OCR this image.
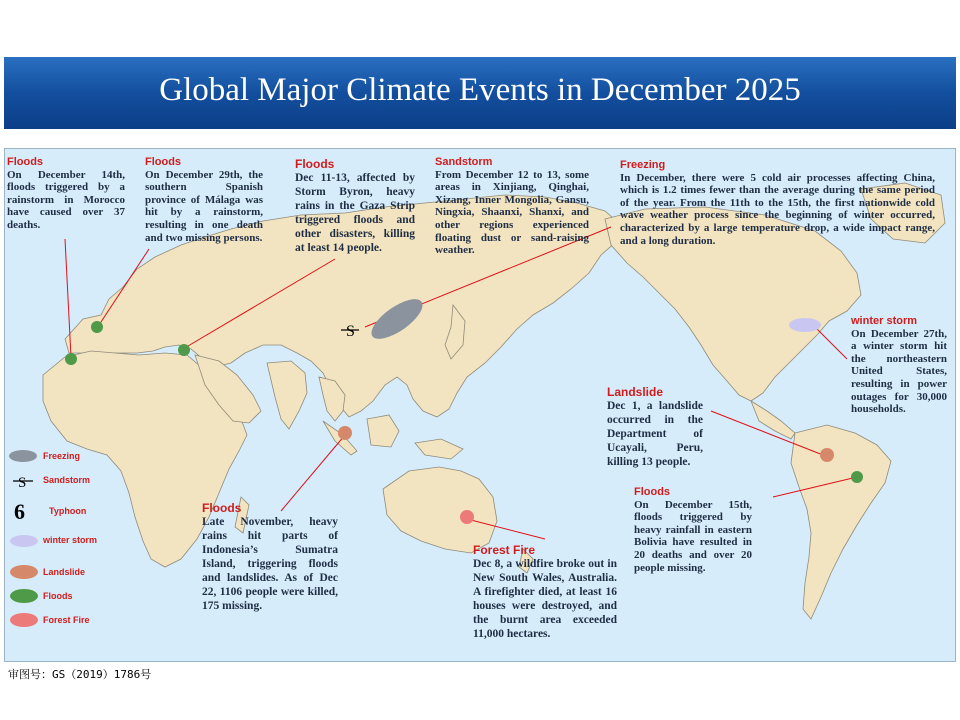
Global Major Climate Events in December 2025
S
S
6
Freezing
Sandstorm
Typhoon
winter storm
Landslide
Floods
Forest Fire
Floods
On December 14th, floods triggered by a rainstorm in Morocco have caused over 37 deaths.
Floods
On December 29th, the southern Spanish province of Málaga was hit by a rainstorm, resulting in one death and two missing persons.
Floods
Dec 11-13, affected by Storm Byron, heavy rains in the Gaza Strip triggered floods and other disasters, killing at least 14 people.
Sandstorm
From December 12 to 13, some areas in Xinjiang, Qinghai, Xizang, Inner Mongolia, Gansu, Ningxia, Shaanxi, Shanxi, and other regions experienced floating dust or sand-raising weather.
Freezing
In December, there were 5 cold air processes affecting China, which is 1.2 times fewer than the average during the same period of the year. From the 11th to the 15th, the first nationwide cold wave weather process since the beginning of winter occurred, characterized by a large temperature drop, a wide impact range, and a long duration.
winter storm
On December 27th, a winter storm hit the northeastern United States, resulting in power outages for 30,000 households.
Landslide
Dec 1, a landslide occurred in the Department of Ucayali, Peru, killing 13 people.
Floods
On December 15th, floods triggered by heavy rainfall in eastern Bolivia have resulted in 20 deaths and over 20 people missing.
Floods
Late November, heavy rains hit parts of Indonesia’s Sumatra Island, triggering floods and landslides. As of Dec 22, 1106 people were killed, 175 missing.
Forest Fire
Dec 8, a wildfire broke out in New South Wales, Australia. A firefighter died, at least 16 houses were destroyed, and the burnt area exceeded 11,000 hectares.
审图号：GS（2019）1786号
